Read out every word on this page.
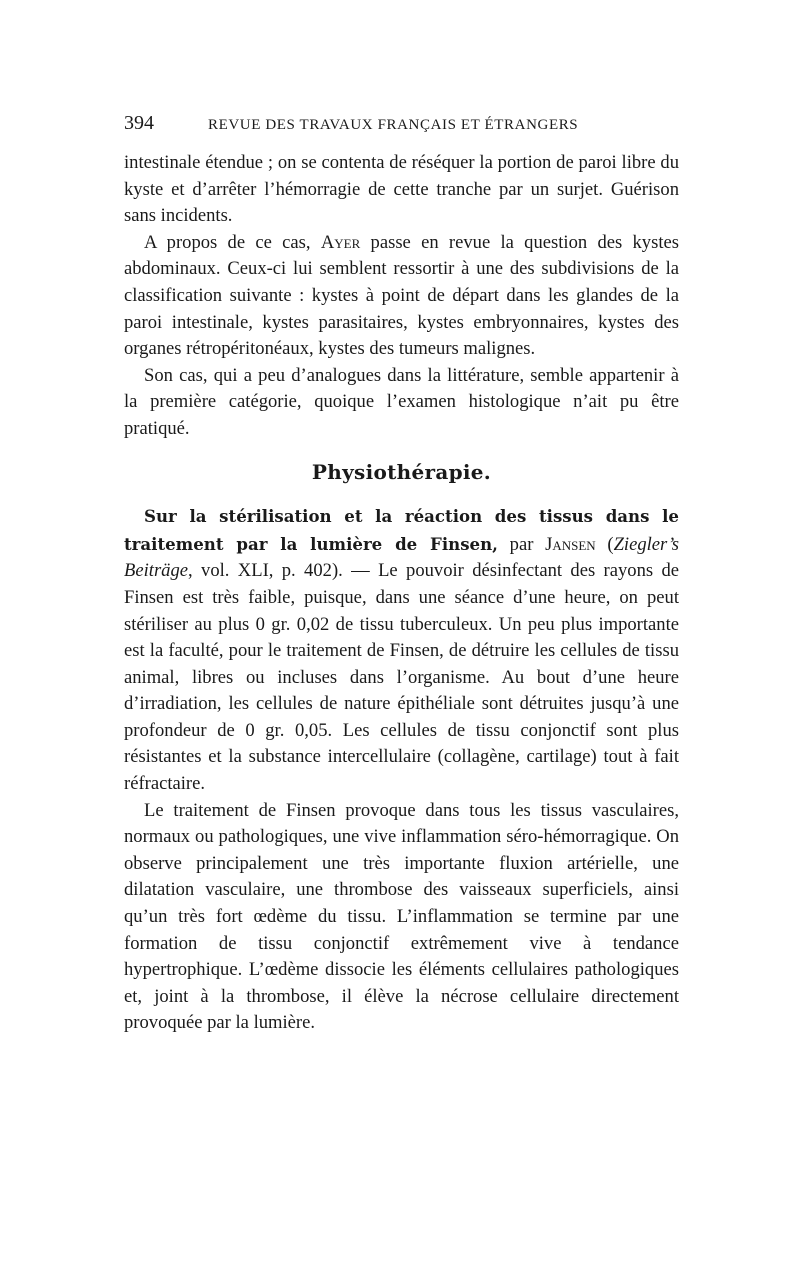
394	REVUE DES TRAVAUX FRANÇAIS ET ÉTRANGERS

intestinale étendue ; on se contenta de réséquer la portion de paroi libre du kyste et d’arrêter l’hémorragie de cette tranche par un surjet. Guérison sans incidents.

A propos de ce cas, Ayer passe en revue la question des kystes abdominaux. Ceux-ci lui semblent ressortir à une des subdivisions de la classification suivante : kystes à point de départ dans les glandes de la paroi intestinale, kystes parasitaires, kystes embryonnaires, kystes des organes rétropéritonéaux, kystes des tumeurs malignes.

Son cas, qui a peu d’analogues dans la littérature, semble appartenir à la première catégorie, quoique l’examen histologique n’ait pu être pratiqué.

Physiothérapie.

Sur la stérilisation et la réaction des tissus dans le traitement par la lumière de Finsen, par Jansen (Ziegler’s Beiträge, vol. XLI, p. 402). — Le pouvoir désinfectant des rayons de Finsen est très faible, puisque, dans une séance d’une heure, on peut stériliser au plus 0 gr. 0,02 de tissu tuberculeux. Un peu plus importante est la faculté, pour le traitement de Finsen, de détruire les cellules de tissu animal, libres ou incluses dans l’organisme. Au bout d’une heure d’irradiation, les cellules de nature épithéliale sont détruites jusqu’à une profondeur de 0 gr. 0,05. Les cellules de tissu conjonctif sont plus résistantes et la substance intercellulaire (collagène, cartilage) tout à fait réfractaire.

Le traitement de Finsen provoque dans tous les tissus vasculaires, normaux ou pathologiques, une vive inflammation séro-hémorragique. On observe principalement une très importante fluxion artérielle, une dilatation vasculaire, une thrombose des vaisseaux superficiels, ainsi qu’un très fort œdème du tissu. L’inflammation se termine par une formation de tissu conjonctif extrêmement vive à tendance hypertrophique. L’œdème dissocie les éléments cellulaires pathologiques et, joint à la thrombose, il élève la nécrose cellulaire directement provoquée par la lumière.
